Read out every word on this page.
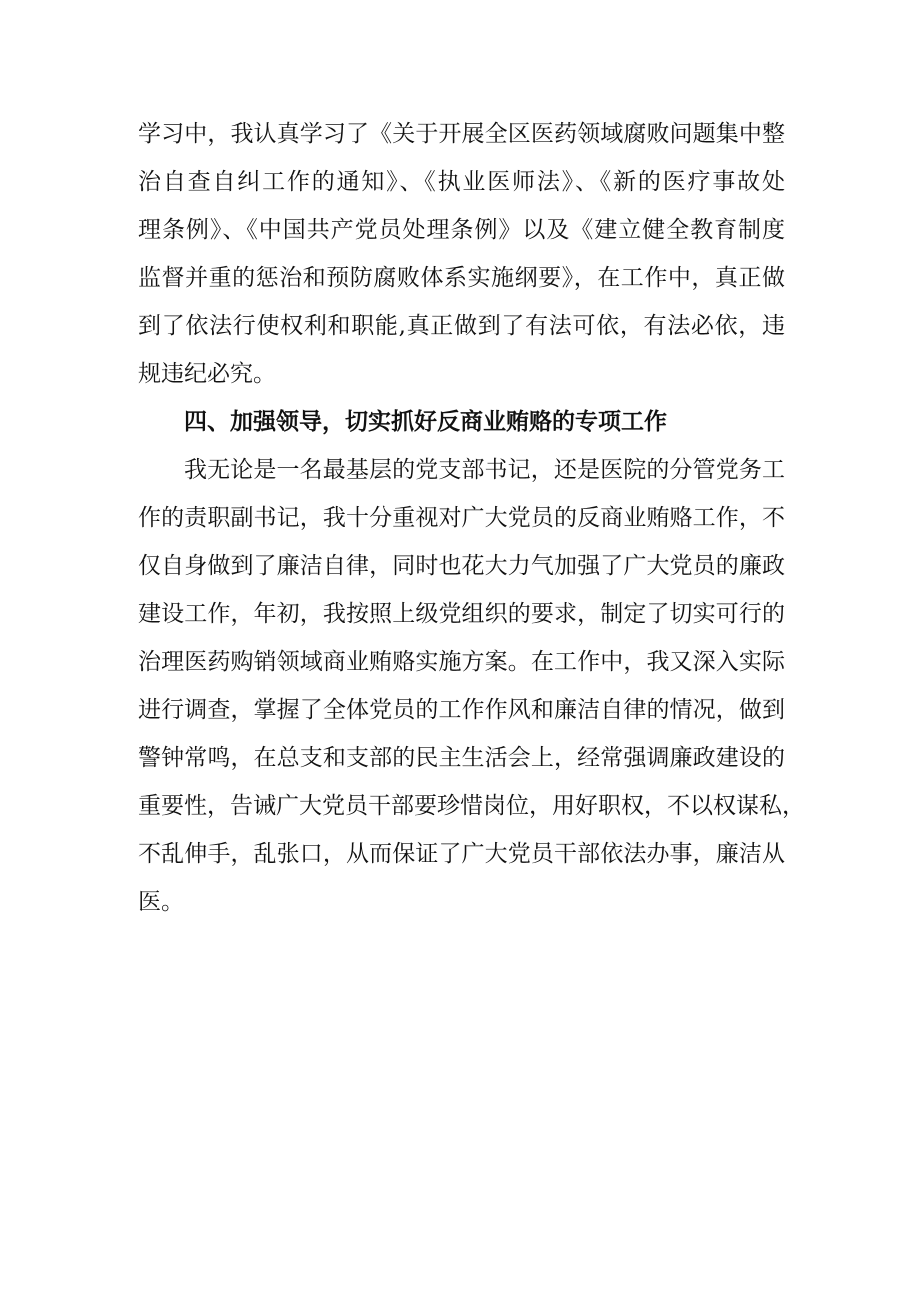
学习中，我认真学习了《关于开展全区医药领域腐败问题集中整
治自查自纠工作的通知》、《执业医师法》、《新的医疗事故处
理条例》、《中国共产党员处理条例》以及《建立健全教育制度
监督并重的惩治和预防腐败体系实施纲要》，在工作中，真正做
到了依法行使权利和职能,真正做到了有法可依，有法必依，违
规违纪必究。
四、加强领导，切实抓好反商业贿赂的专项工作
我无论是一名最基层的党支部书记，还是医院的分管党务工
作的责职副书记，我十分重视对广大党员的反商业贿赂工作，不
仅自身做到了廉洁自律，同时也花大力气加强了广大党员的廉政
建设工作，年初，我按照上级党组织的要求，制定了切实可行的
治理医药购销领域商业贿赂实施方案。在工作中，我又深入实际
进行调查，掌握了全体党员的工作作风和廉洁自律的情况，做到
警钟常鸣，在总支和支部的民主生活会上，经常强调廉政建设的
重要性，告诫广大党员干部要珍惜岗位，用好职权，不以权谋私，
不乱伸手，乱张口，从而保证了广大党员干部依法办事，廉洁从
医。
